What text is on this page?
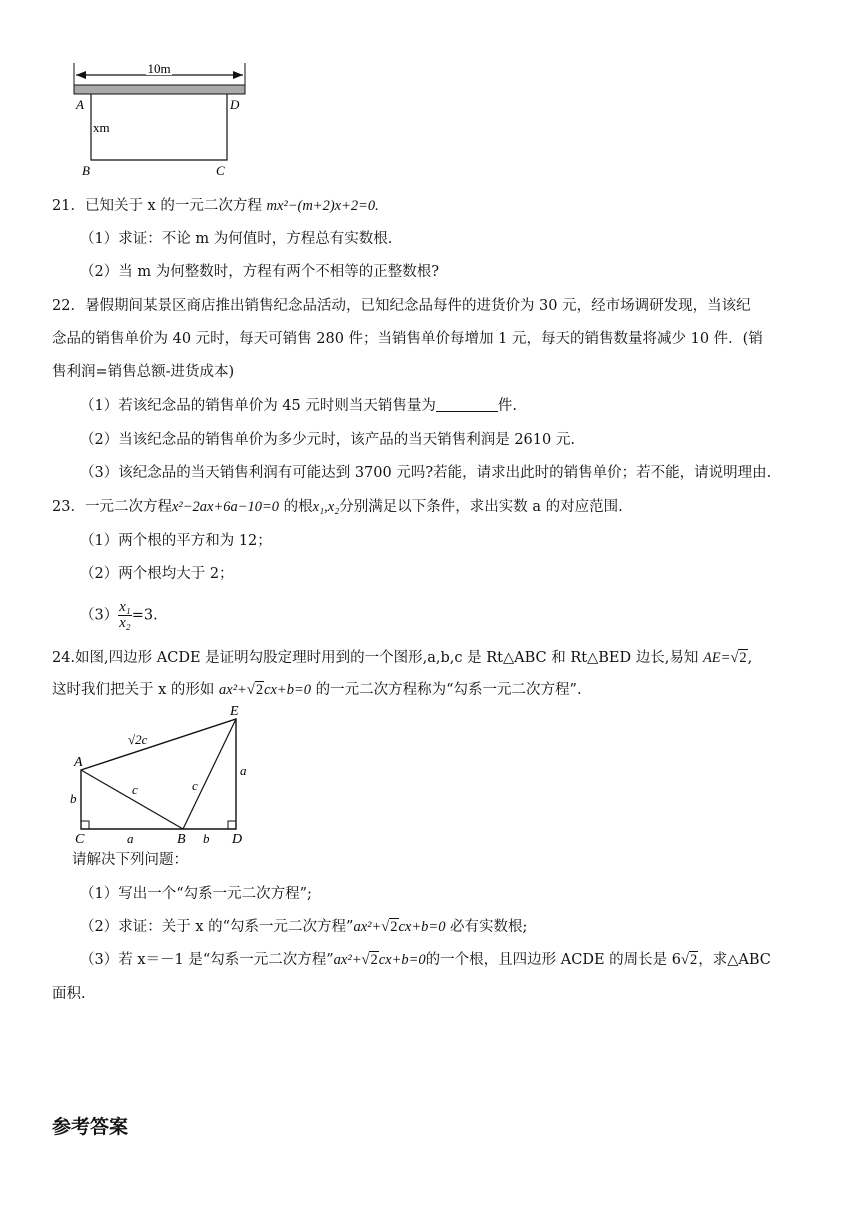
10m
A	D
xm
B	C
21．已知关于 x 的一元二次方程 mx²−(m+2)x+2=0.
（1）求证：不论 m 为何值时，方程总有实数根.
（2）当 m 为何整数时，方程有两个不相等的正整数根?
22．暑假期间某景区商店推出销售纪念品活动，已知纪念品每件的进货价为 30 元，经市场调研发现，当该纪
念品的销售单价为 40 元时，每天可销售 280 件；当销售单价每增加 1 元，每天的销售数量将减少 10 件．(销
售利润=销售总额-进货成本)
（1）若该纪念品的销售单价为 45 元时则当天销售量为	件.
（2）当该纪念品的销售单价为多少元时，该产品的当天销售利润是 2610 元.
（3）该纪念品的当天销售利润有可能达到 3700 元吗?若能，请求出此时的销售单价；若不能，请说明理由.
23．一元二次方程x²−2ax+6a−10=0 的根x₁,x₂分别满足以下条件，求出实数 a 的对应范围.
（1）两个根的平方和为 12；
（2）两个根均大于 2；
$(3) \frac{\text{x₁}}{\text{x₂}} =3$.
24.如图,四边形 ACDE 是证明勾股定理时用到的一个图形,a,b,c 是 Rt△ABC 和 Rt△BED 边长,易知 AE=√2,
这时我们把关于 x 的形如 ax²+√2cx+b=0 的一元二次方程称为“勾系一元二次方程”.
E
A
√2c
c	c
a
b
C	a	B b D
请解决下列问题：
（1）写出一个“勾系一元二次方程”;
（2）求证：关于 x 的“勾系一元二次方程”ax²+√2cx+b=0 必有实数根;
（3）若 x＝－1 是“勾系一元二次方程”ax²+√2cx+b=0的一个根，且四边形 ACDE 的周长是 6√2，求△ABC
面积.
参考答案
